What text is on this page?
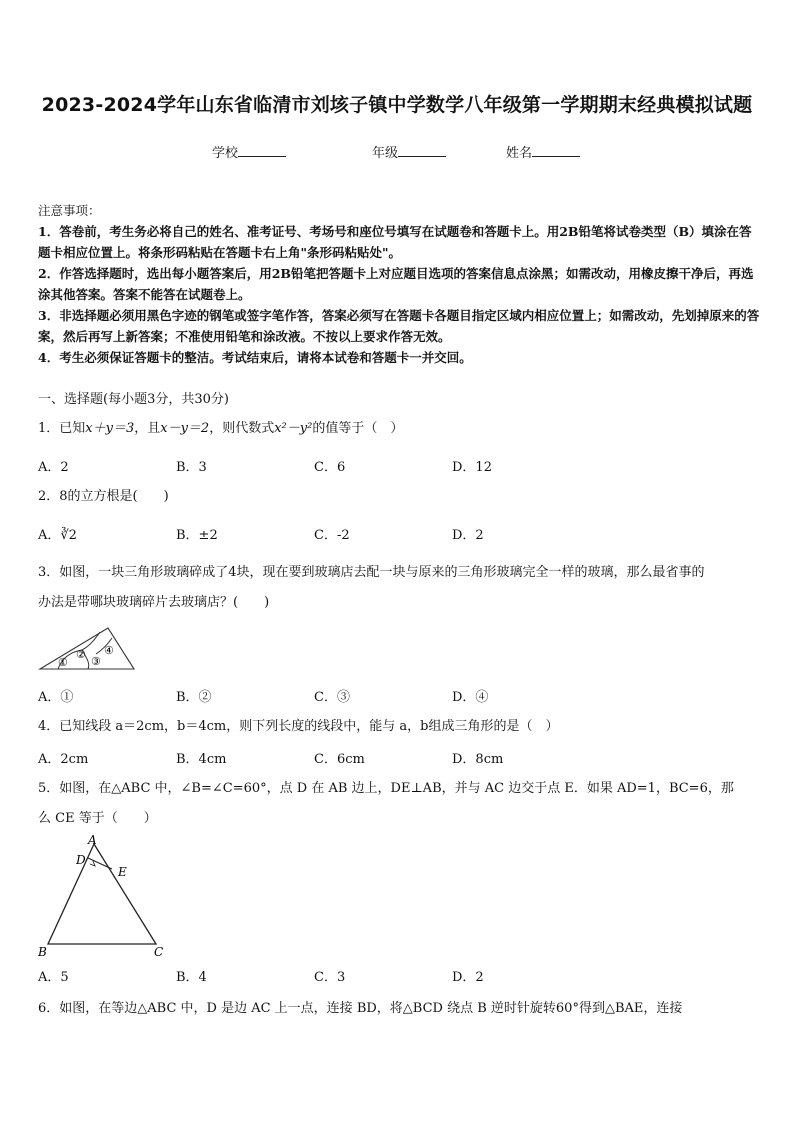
2023-2024学年山东省临清市刘垓子镇中学数学八年级第一学期期末经典模拟试题
学校	年级	姓名
注意事项：
1．答卷前，考生务必将自己的姓名、准考证号、考场号和座位号填写在试题卷和答题卡上。用2B铅笔将试卷类型（B）填涂在答题卡相应位置上。将条形码粘贴在答题卡右上角"条形码粘贴处"。
2．作答选择题时，选出每小题答案后，用2B铅笔把答题卡上对应题目选项的答案信息点涂黑；如需改动，用橡皮擦干净后，再选涂其他答案。答案不能答在试题卷上。
3．非选择题必须用黑色字迹的钢笔或签字笔作答，答案必须写在答题卡各题目指定区域内相应位置上；如需改动，先划掉原来的答案，然后再写上新答案；不准使用铅笔和涂改液。不按以上要求作答无效。
4．考生必须保证答题卡的整洁。考试结束后，请将本试卷和答题卡一并交回。
一、选择题(每小题3分，共30分)
1．已知x＋y＝3，且x－y＝2，则代数式x²－y²的值等于（　）
A．2	B．3	C．6	D．12
2．8的立方根是(　　)
A．∛2	B．±2	C．-2	D．2
3．如图，一块三角形玻璃碎成了4块，现在要到玻璃店去配一块与原来的三角形玻璃完全一样的玻璃，那么最省事的
办法是带哪块玻璃碎片去玻璃店？(　　)
①
②
③
④
A．①	B．②	C．③	D．④
4．已知线段 a＝2cm，b＝4cm，则下列长度的线段中，能与 a，b组成三角形的是（　）
A．2cm	B．4cm	C．6cm	D．8cm
5．如图，在△ABC 中，∠B=∠C=60°，点 D 在 AB 边上，DE⊥AB，并与 AC 边交于点 E．如果 AD=1，BC=6，那
么 CE 等于（　　）
A
D
E
B	C
A．5	B．4	C．3	D．2
6．如图，在等边△ABC 中，D 是边 AC 上一点，连接 BD，将△BCD 绕点 B 逆时针旋转60°得到△BAE，连接
